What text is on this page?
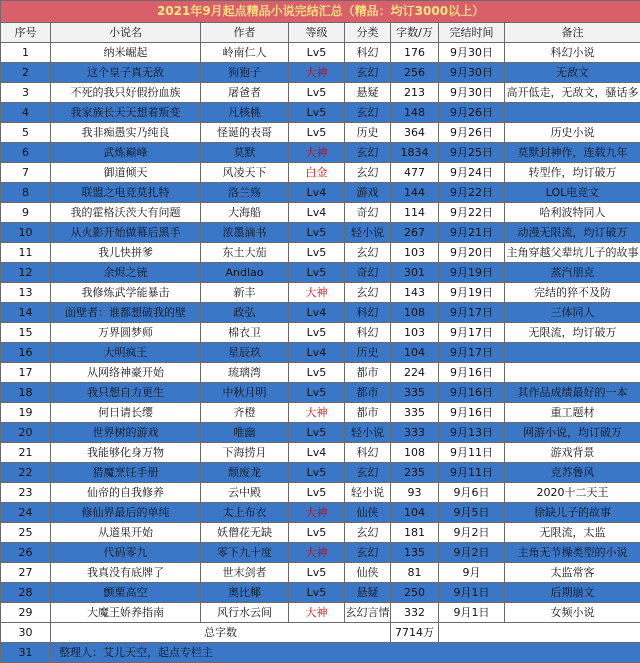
2021年9月起点精品小说完结汇总（精品：均订3000以上）							
序号	小说名	作者	等级	分类	字数/万	完结时间	备注
1	纳米崛起	岭南仁人	Lv5	科幻	176	9月30日	科幻小说
2	这个皇子真无敌	狗狍子	大神	玄幻	256	9月30日	无敌文
3	不死的我只好假扮血族	屠爸者	Lv5	悬疑	213	9月30日	高开低走，无敌文，骚话多
4	我家族长天天想着叛变	凡核桃	Lv5	玄幻	148	9月26日	
5	我非痴愚实乃纯良	怪诞的表哥	Lv5	历史	364	9月26日	历史小说
6	武炼巅峰	莫默	大神	玄幻	1834	9月25日	莫默封神作，连载九年
7	御道倾天	风凌天下	白金	玄幻	477	9月24日	转型作，均订破万
8	联盟之电竞莫扎特	洛兰殇	Lv4	游戏	144	9月22日	LOL电竞文
9	我的霍格沃茨大有问题	大海船	Lv4	奇幻	114	9月22日	哈利波特同人
10	从火影开始做幕后黑手	浓墨滴书	Lv5	轻小说	267	9月21日	动漫无限流，均订破万
11	我儿快拼爹	东土大茄	Lv5	玄幻	103	9月20日	主角穿越父辈坑儿子的故事
12	余烬之铳	Andlao	Lv5	奇幻	301	9月19日	蒸汽朋克
13	我修炼武学能暴击	新丰	大神	玄幻	143	9月19日	完结的猝不及防
14	面壁者：谁都想破我的壁	政弘	Lv4	科幻	108	9月17日	三体同人
15	万界圆梦师	棉衣卫	Lv5	科幻	103	9月17日	无限流，均订破万
16	大明疯王	星辰玖	Lv4	历史	104	9月17日	
17	从网络神豪开始	琉璃湾	Lv5	都市	224	9月16日	
18	我只想自力更生	中秋月明	Lv5	都市	335	9月16日	其作品成绩最好的一本
19	何日请长缨	齐橙	大神	都市	335	9月16日	重工题材
20	世界树的游戏	唯幽	Lv5	轻小说	333	9月13日	网游小说，均订破万
21	我能够化身万物	下海捞月	Lv4	科幻	108	9月11日	游戏背景
22	猎魔烹饪手册	颓废龙	Lv5	玄幻	235	9月11日	克苏鲁风
23	仙帝的自我修养	云中殿	Lv5	轻小说	93	9月6日	2020十二天王
24	修仙界最后的单纯	太上布衣	大神	仙侠	104	9月5日	徐缺儿子的故事
25	从道果开始	妖僧花无缺	Lv5	玄幻	181	9月2日	无限流，太监
26	代码零九	零下九十度	大神	玄幻	135	9月2日	主角无节操类型的小说
27	我真没有底牌了	世末剑者	Lv5	仙侠	81	9月	太监常客
28	颤栗高空	奥比椰	Lv5	悬疑	250	9月1日	后期崩文
29	大魔王娇养指南	风行水云间	大神	玄幻言情	332	9月1日	女频小说
30	总字数				7714万		
31	整理人：艾儿天空，起点专栏主						
